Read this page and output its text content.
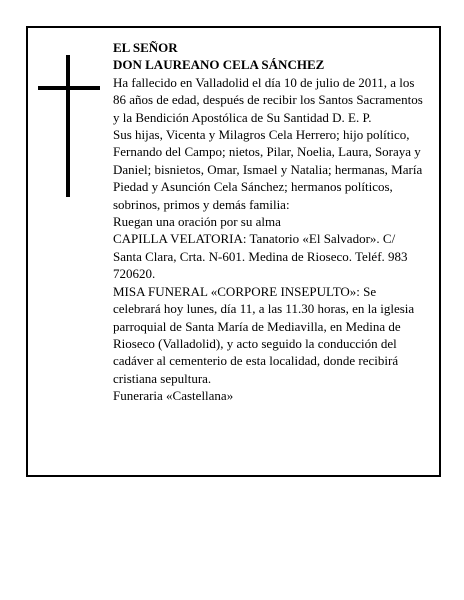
EL SEÑOR

DON LAUREANO CELA SÁNCHEZ

Ha fallecido en Valladolid el día 10 de julio de 2011, a los 86 años de edad, después de recibir los Santos Sacramentos y la Bendición Apostólica de Su Santidad D. E. P.

Sus hijas, Vicenta y Milagros Cela Herrero; hijo político, Fernando del Campo; nietos, Pilar, Noelia, Laura, Soraya y Daniel; bisnietos, Omar, Ismael y Natalia; hermanas, María Piedad y Asunción Cela Sánchez; hermanos políticos, sobrinos, primos y demás familia:

Ruegan una oración por su alma

CAPILLA VELATORIA: Tanatorio «El Salvador». C/ Santa Clara, Crta. N-601. Medina de Rioseco. Teléf. 983 720620.

MISA FUNERAL «CORPORE INSEPULTO»: Se celebrará hoy lunes, día 11, a las 11.30 horas, en la iglesia parroquial de Santa María de Mediavilla, en Medina de Rioseco (Valladolid), y acto seguido la conducción del cadáver al cementerio de esta localidad, donde recibirá cristiana sepultura.

Funeraria «Castellana»
